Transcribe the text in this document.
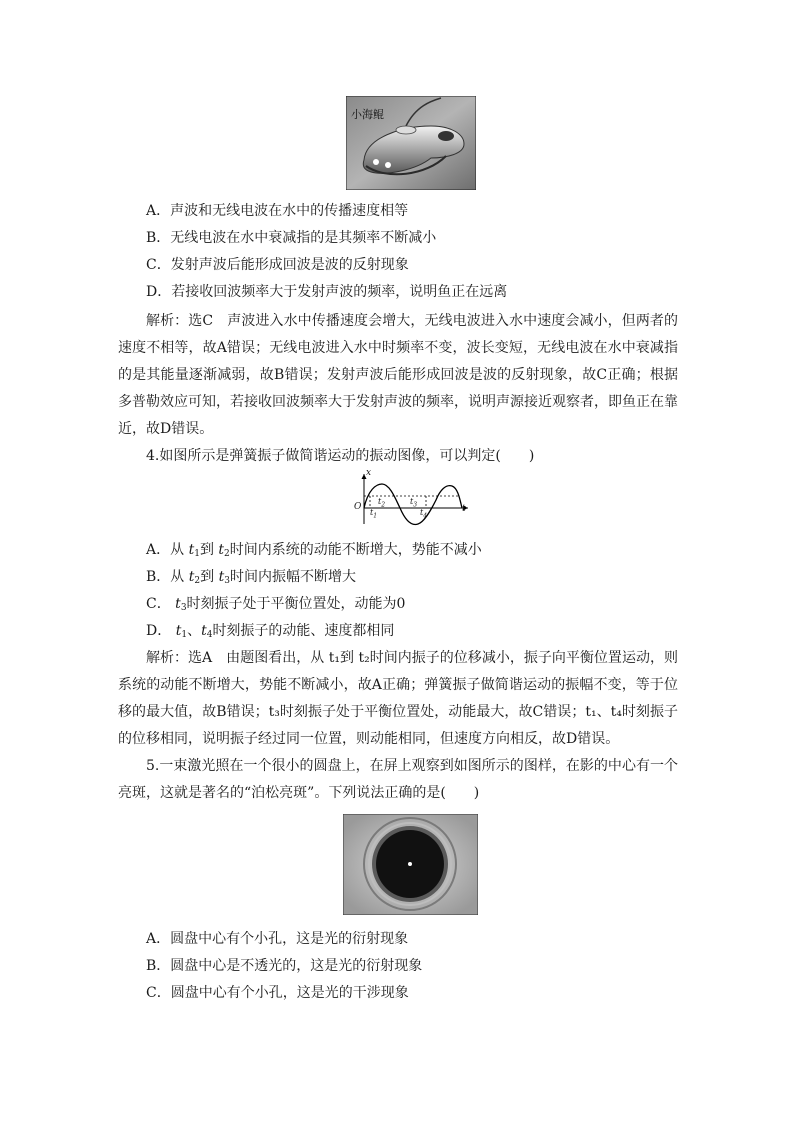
小海鲲
A．声波和无线电波在水中的传播速度相等
B．无线电波在水中衰减指的是其频率不断减小
C．发射声波后能形成回波是波的反射现象
D．若接收回波频率大于发射声波的频率，说明鱼正在远离
解析：选C　声波进入水中传播速度会增大，无线电波进入水中速度会减小，但两者的速度不相等，故A错误；无线电波进入水中时频率不变，波长变短，无线电波在水中衰减指的是其能量逐渐减弱，故B错误；发射声波后能形成回波是波的反射现象，故C正确；根据多普勒效应可知，若接收回波频率大于发射声波的频率，说明声源接近观察者，即鱼正在靠近，故D错误。
4.如图所示是弹簧振子做简谐运动的振动图像，可以判定(　　)
x
t
O
$t_1$
$t_2$	$t_3$
$t_4$
A．从 $t_1$到 $t_2$时间内系统的动能不断增大，势能不减小
B．从 $t_2$到 $t_3$时间内振幅不断增大
C． $t_3$时刻振子处于平衡位置处，动能为0
D． $t_1$、$t_4$时刻振子的动能、速度都相同
解析：选A　由题图看出，从 t₁到 t₂时间内振子的位移减小，振子向平衡位置运动，则系统的动能不断增大，势能不断减小，故A正确；弹簧振子做简谐运动的振幅不变，等于位移的最大值，故B错误；t₃时刻振子处于平衡位置处，动能最大，故C错误；t₁、t₄时刻振子的位移相同，说明振子经过同一位置，则动能相同，但速度方向相反，故D错误。
5.一束激光照在一个很小的圆盘上，在屏上观察到如图所示的图样，在影的中心有一个亮斑，这就是著名的“泊松亮斑”。下列说法正确的是(　　)
A．圆盘中心有个小孔，这是光的衍射现象
B．圆盘中心是不透光的，这是光的衍射现象
C．圆盘中心有个小孔，这是光的干涉现象
